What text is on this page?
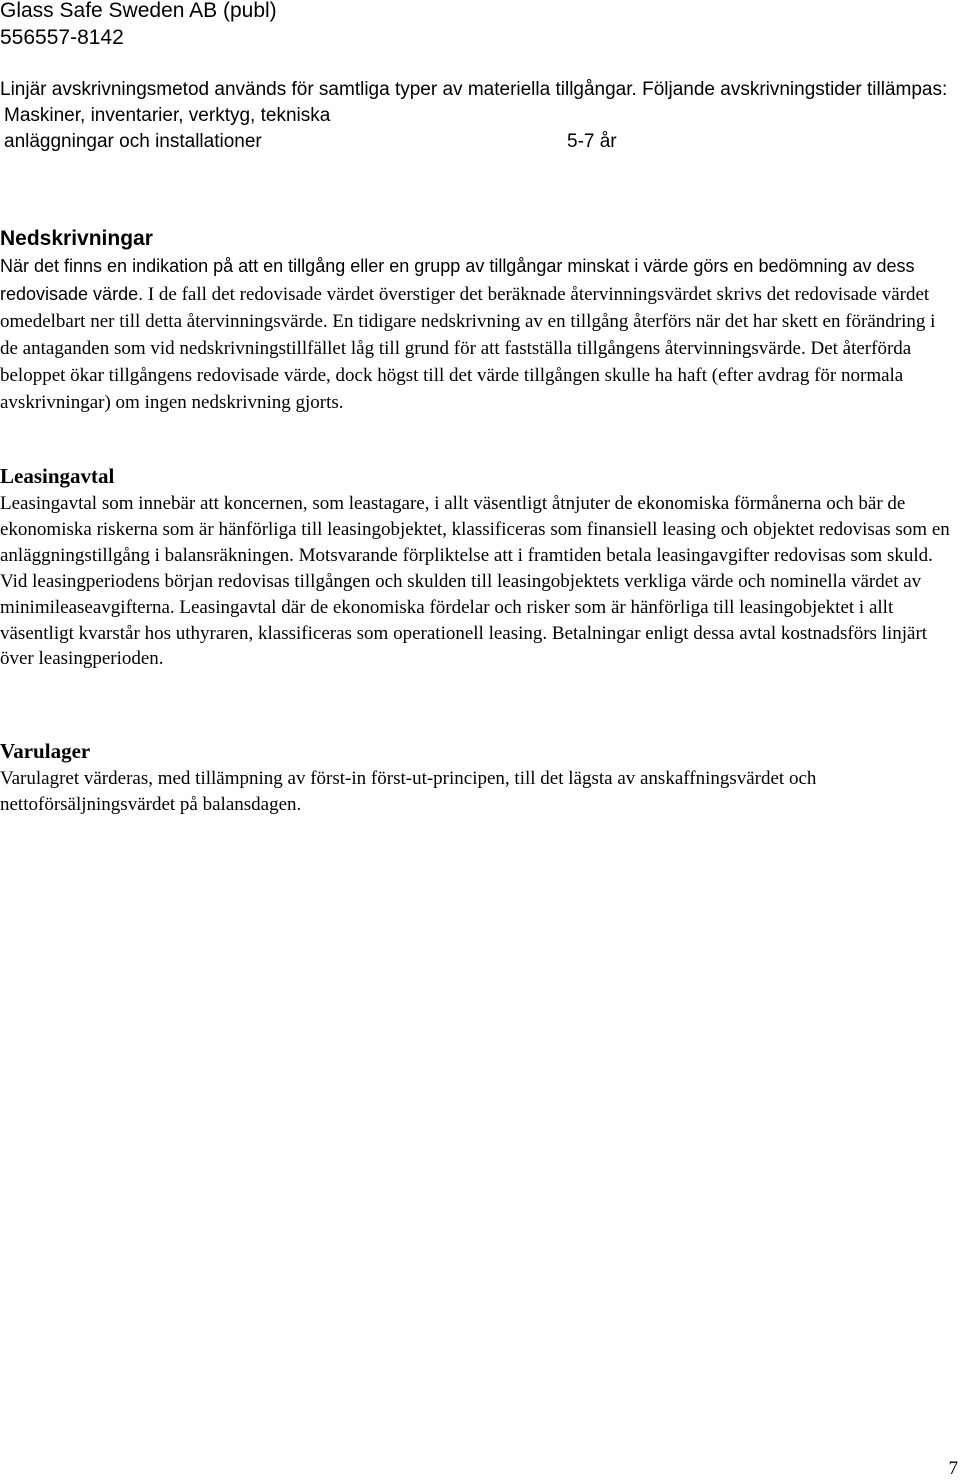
Glass Safe Sweden AB (publ)
556557-8142

Linjär avskrivningsmetod används för samtliga typer av materiella tillgångar. Följande avskrivningstider tillämpas:

Maskiner, inventarier, verktyg, tekniska anläggningar och installationer	5-7 år
Nedskrivningar
När det finns en indikation på att en tillgång eller en grupp av tillgångar minskat i värde görs en bedömning av dess redovisade värde. I de fall det redovisade värdet överstiger det beräknade återvinningsvärdet skrivs det redovisade värdet omedelbart ner till detta återvinningsvärde. En tidigare nedskrivning av en tillgång återförs när det har skett en förändring i de antaganden som vid nedskrivningstillfället låg till grund för att fastställa tillgångens återvinningsvärde. Det återförda beloppet ökar tillgångens redovisade värde, dock högst till det värde tillgången skulle ha haft (efter avdrag för normala avskrivningar) om ingen nedskrivning gjorts.
Leasingavtal

Leasingavtal som innebär att koncernen, som leastagare, i allt väsentligt åtnjuter de ekonomiska förmånerna och bär de ekonomiska riskerna som är hänförliga till leasingobjektet, klassificeras som finansiell leasing och objektet redovisas som en anläggningstillgång i balansräkningen. Motsvarande förpliktelse att i framtiden betala leasingavgifter redovisas som skuld. Vid leasingperiodens början redovisas tillgången och skulden till leasingobjektets verkliga värde och nominella värdet av minimileaseavgifterna. Leasingavtal där de ekonomiska fördelar och risker som är hänförliga till leasingobjektet i allt väsentligt kvarstår hos uthyraren, klassificeras som operationell leasing. Betalningar enligt dessa avtal kostnadsförs linjärt över leasingperioden.

Varulager

Varulagret värderas, med tillämpning av först-in först-ut-principen, till det lägsta av anskaffningsvärdet och nettoförsäljningsvärdet på balansdagen.

7
